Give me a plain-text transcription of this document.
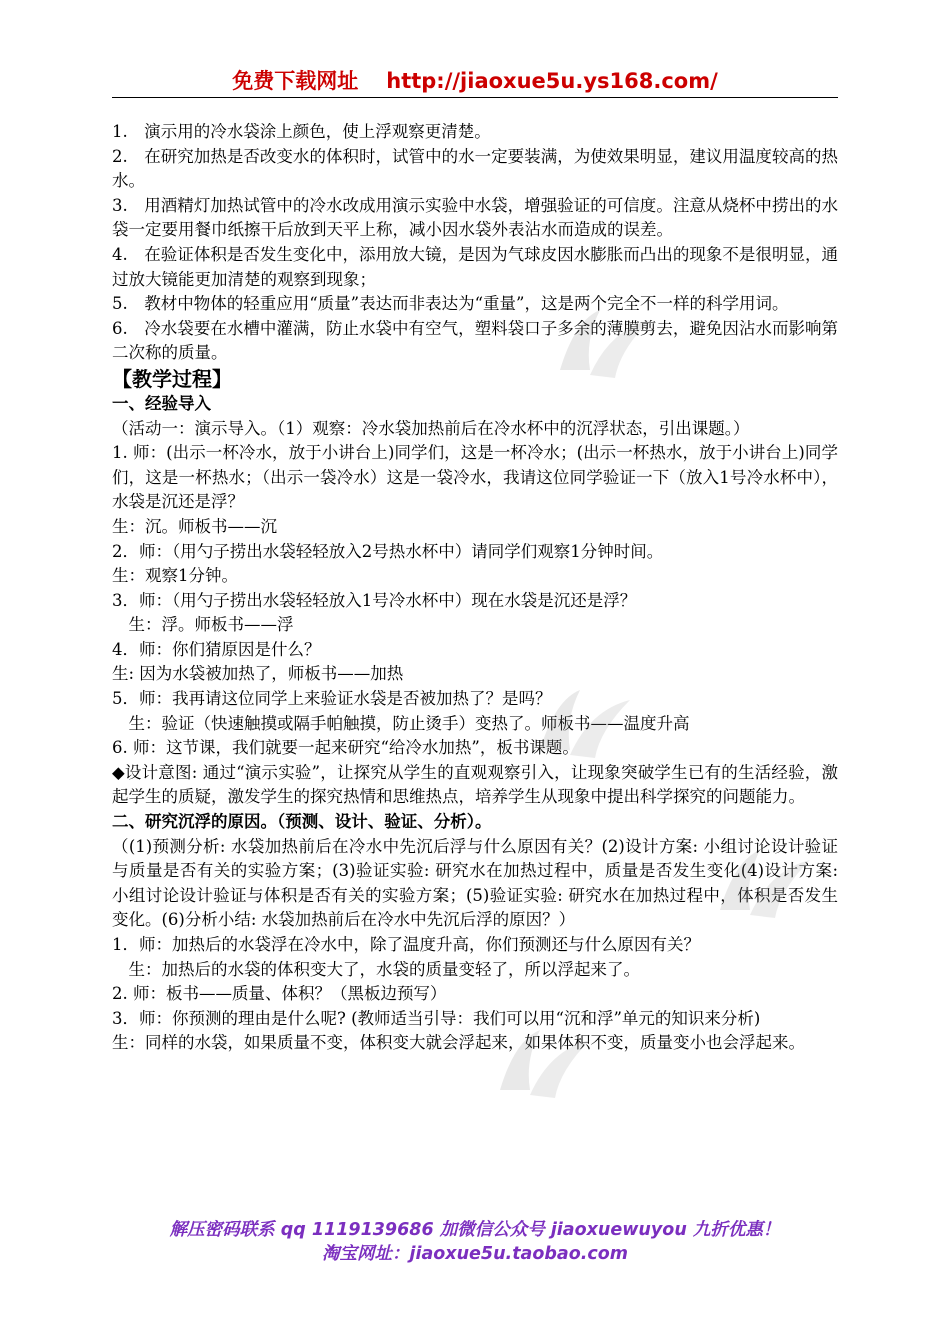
免费下载网址 http://jiaoxue5u.ys168.com/

1.　演示用的冷水袋涂上颜色，使上浮观察更清楚。

2.　在研究加热是否改变水的体积时，试管中的水一定要装满，为使效果明显，建议用温度较高的热水。

3.　用酒精灯加热试管中的冷水改成用演示实验中水袋，增强验证的可信度。注意从烧杯中捞出的水袋一定要用餐巾纸擦干后放到天平上称，减小因水袋外表沾水而造成的误差。

4.　在验证体积是否发生变化中，添用放大镜，是因为气球皮因水膨胀而凸出的现象不是很明显，通过放大镜能更加清楚的观察到现象；

5.　教材中物体的轻重应用“质量”表达而非表达为“重量”，这是两个完全不一样的科学用词。

6.　冷水袋要在水槽中灌满，防止水袋中有空气，塑料袋口子多余的薄膜剪去，避免因沾水而影响第二次称的质量。

【教学过程】

一、经验导入

（活动一：演示导入。（1）观察：冷水袋加热前后在冷水杯中的沉浮状态，引出课题。）

1. 师：(出示一杯冷水，放于小讲台上)同学们，这是一杯冷水；(出示一杯热水，放于小讲台上)同学们，这是一杯热水；（出示一袋冷水）这是一袋冷水，我请这位同学验证一下（放入1号冷水杯中），水袋是沉还是浮？

生：沉。师板书——沉

2．师：（用勺子捞出水袋轻轻放入2号热水杯中）请同学们观察1分钟时间。

生：观察1分钟。

3．师：（用勺子捞出水袋轻轻放入1号冷水杯中）现在水袋是沉还是浮？

　生：浮。师板书——浮

4．师：你们猜原因是什么？

生: 因为水袋被加热了，师板书——加热

5．师：我再请这位同学上来验证水袋是否被加热了？是吗？

　生：验证（快速触摸或隔手帕触摸，防止烫手）变热了。师板书——温度升高

6. 师：这节课，我们就要一起来研究“给冷水加热”，板书课题。

◆设计意图: 通过“演示实验”，让探究从学生的直观观察引入，让现象突破学生已有的生活经验，激起学生的质疑，激发学生的探究热情和思维热点，培养学生从现象中提出科学探究的问题能力。

二、研究沉浮的原因。（预测、设计、验证、分析）。

（(1)预测分析: 水袋加热前后在冷水中先沉后浮与什么原因有关？(2)设计方案: 小组讨论设计验证与质量是否有关的实验方案；(3)验证实验: 研究水在加热过程中，质量是否发生变化(4)设计方案: 小组讨论设计验证与体积是否有关的实验方案；(5)验证实验: 研究水在加热过程中，体积是否发生变化。(6)分析小结: 水袋加热前后在冷水中先沉后浮的原因？）

1．师：加热后的水袋浮在冷水中，除了温度升高，你们预测还与什么原因有关？

　生：加热后的水袋的体积变大了，水袋的质量变轻了，所以浮起来了。

2. 师：板书——质量、体积？（黑板边预写）

3．师：你预测的理由是什么呢? (教师适当引导：我们可以用“沉和浮”单元的知识来分析)

生：同样的水袋，如果质量不变，体积变大就会浮起来，如果体积不变，质量变小也会浮起来。

解压密码联系 qq 1119139686 加微信公众号 jiaoxuewuyou 九折优惠！
淘宝网址：jiaoxue5u.taobao.com
